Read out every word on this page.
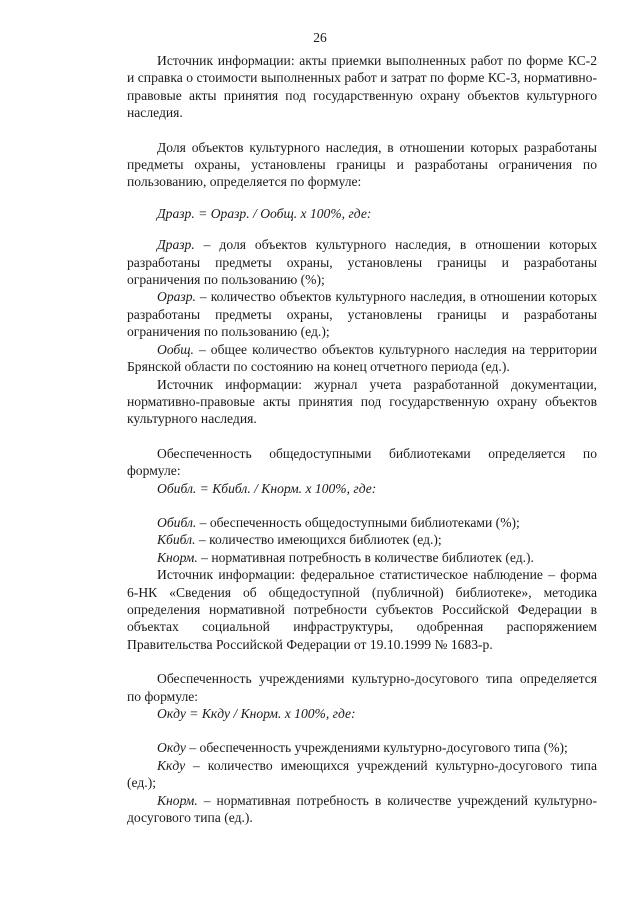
26

Источник информации: акты приемки выполненных работ по форме КС-2 и справка о стоимости выполненных работ и затрат по форме КС-3, нормативно-правовые акты принятия под государственную охрану объектов культурного наследия.

Доля объектов культурного наследия, в отношении которых разработаны предметы охраны, установлены границы и разработаны ограничения по пользованию, определяется по формуле:

Дразр. = Оразр. / Ообщ. х 100%, где:

Дразр. – доля объектов культурного наследия, в отношении которых разработаны предметы охраны, установлены границы и разработаны ограничения по пользованию (%);

Оразр. – количество объектов культурного наследия, в отношении которых разработаны предметы охраны, установлены границы и разработаны ограничения по пользованию (ед.);

Ообщ. – общее количество объектов культурного наследия на территории Брянской области по состоянию на конец отчетного периода (ед.).

Источник информации: журнал учета разработанной документации, нормативно-правовые акты принятия под государственную охрану объектов культурного наследия.

Обеспеченность общедоступными библиотеками определяется по формуле:

Обибл. = Кбибл. / Кнорм. х 100%, где:

Обибл. – обеспеченность общедоступными библиотеками (%);

Кбибл. – количество имеющихся библиотек (ед.);

Кнорм. – нормативная потребность в количестве библиотек (ед.).

Источник информации: федеральное статистическое наблюдение – форма 6-НК «Сведения об общедоступной (публичной) библиотеке», методика определения нормативной потребности субъектов Российской Федерации в объектах социальной инфраструктуры, одобренная распоряжением Правительства Российской Федерации от 19.10.1999 № 1683-р.

Обеспеченность учреждениями культурно-досугового типа определяется по формуле:

Окду = Ккду / Кнорм. х 100%, где:

Окду – обеспеченность учреждениями культурно-досугового типа (%);

Ккду – количество имеющихся учреждений культурно-досугового типа (ед.);

Кнорм. – нормативная потребность в количестве учреждений культурно-досугового типа (ед.).
